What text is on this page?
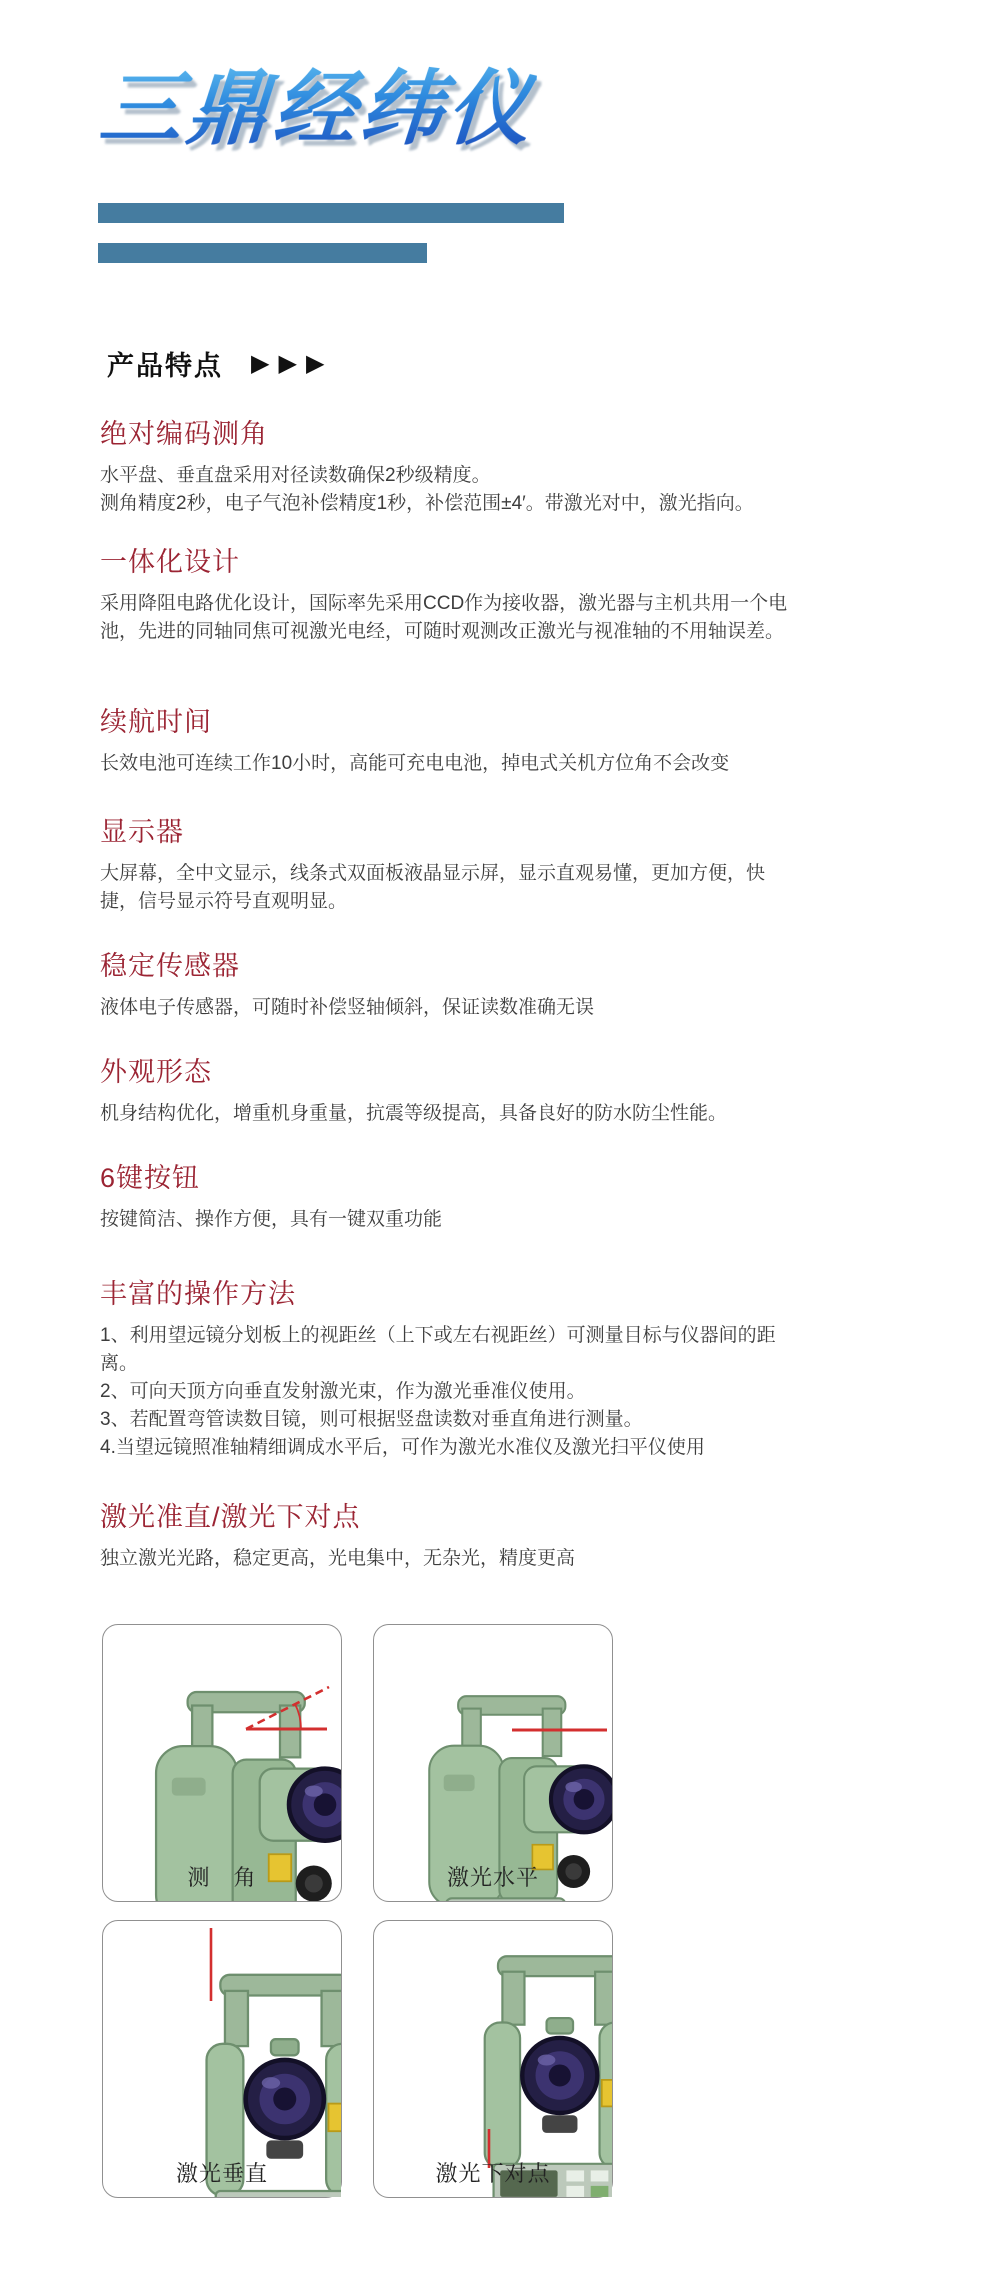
三鼎经纬仪
产品特点 ▶ ▶ ▶
绝对编码测角

水平盘、垂直盘采用对径读数确保2秒级精度。

测角精度2秒，电子气泡补偿精度1秒，补偿范围±4′。带激光对中，激光指向。

一体化设计

采用降阻电路优化设计，国际率先采用CCD作为接收器，激光器与主机共用一个电池，先进的同轴同焦可视激光电经，可随时观测改正激光与视准轴的不用轴误差。

续航时间

长效电池可连续工作10小时，高能可充电电池，掉电式关机方位角不会改变

显示器

大屏幕，全中文显示，线条式双面板液晶显示屏，显示直观易懂，更加方便，快捷，信号显示符号直观明显。

稳定传感器

液体电子传感器，可随时补偿竖轴倾斜，保证读数准确无误

外观形态

机身结构优化，增重机身重量，抗震等级提高，具备良好的防水防尘性能。

6键按钮

按键简洁、操作方便，具有一键双重功能

丰富的操作方法

1、利用望远镜分划板上的视距丝（上下或左右视距丝）可测量目标与仪器间的距离。

2、可向天顶方向垂直发射激光束，作为激光垂准仪使用。

3、若配置弯管读数目镜，则可根据竖盘读数对垂直角进行测量。

4.当望远镜照准轴精细调成水平后，可作为激光水准仪及激光扫平仪使用

激光准直/激光下对点

独立激光光路，稳定更高，光电集中，无杂光，精度更高

测　角	激光水平
激光垂直	激光下对点
